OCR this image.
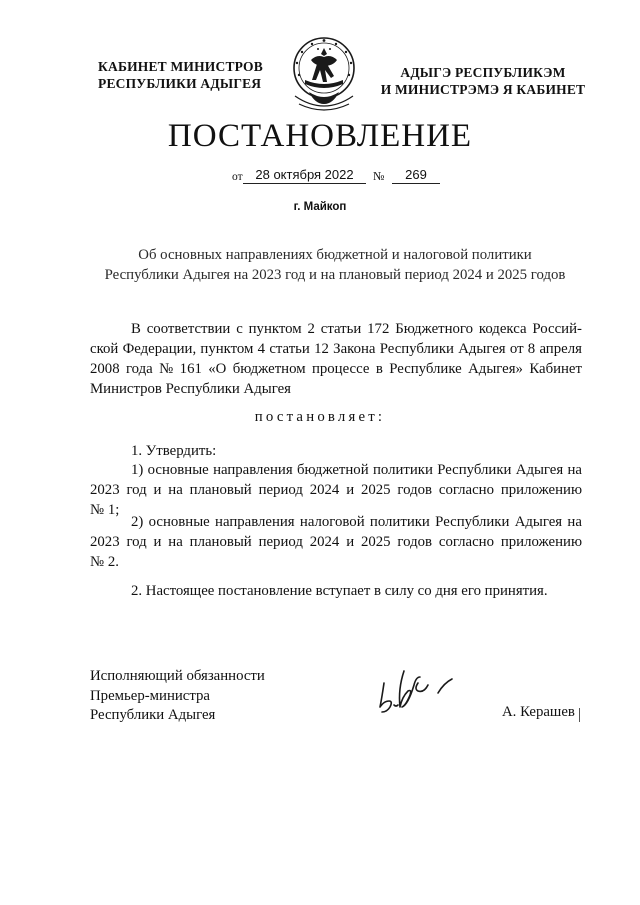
КАБИНЕТ МИНИСТРОВ
РЕСПУБЛИКИ АДЫГЕЯ
АДЫГЭ РЕСПУБЛИКЭМ
И МИНИСТРЭМЭ Я КАБИНЕТ
ПОСТАНОВЛЕНИЕ
от 28 октября 2022	№	269
г. Майкоп
Об основных направлениях бюджетной и налоговой политики
Республики Адыгея на 2023 год и на плановый период 2024 и 2025 годов
В соответствии с пунктом 2 статьи 172 Бюджетного кодекса Россий-
ской Федерации, пунктом 4 статьи 12 Закона Республики Адыгея от 8 апреля
2008 года № 161 «О бюджетном процессе в Республике Адыгея» Кабинет
Министров Республики Адыгея
постановляет:
1. Утвердить:
1) основные направления бюджетной политики Республики Адыгея на
2023 год и на плановый период 2024 и 2025 годов согласно приложению
№ 1;
2) основные направления налоговой политики Республики Адыгея на
2023 год и на плановый период 2024 и 2025 годов согласно приложению
№ 2.
2. Настоящее постановление вступает в силу со дня его принятия.
Исполняющий обязанности
Премьер-министра
Республики Адыгея	А. Керашев
